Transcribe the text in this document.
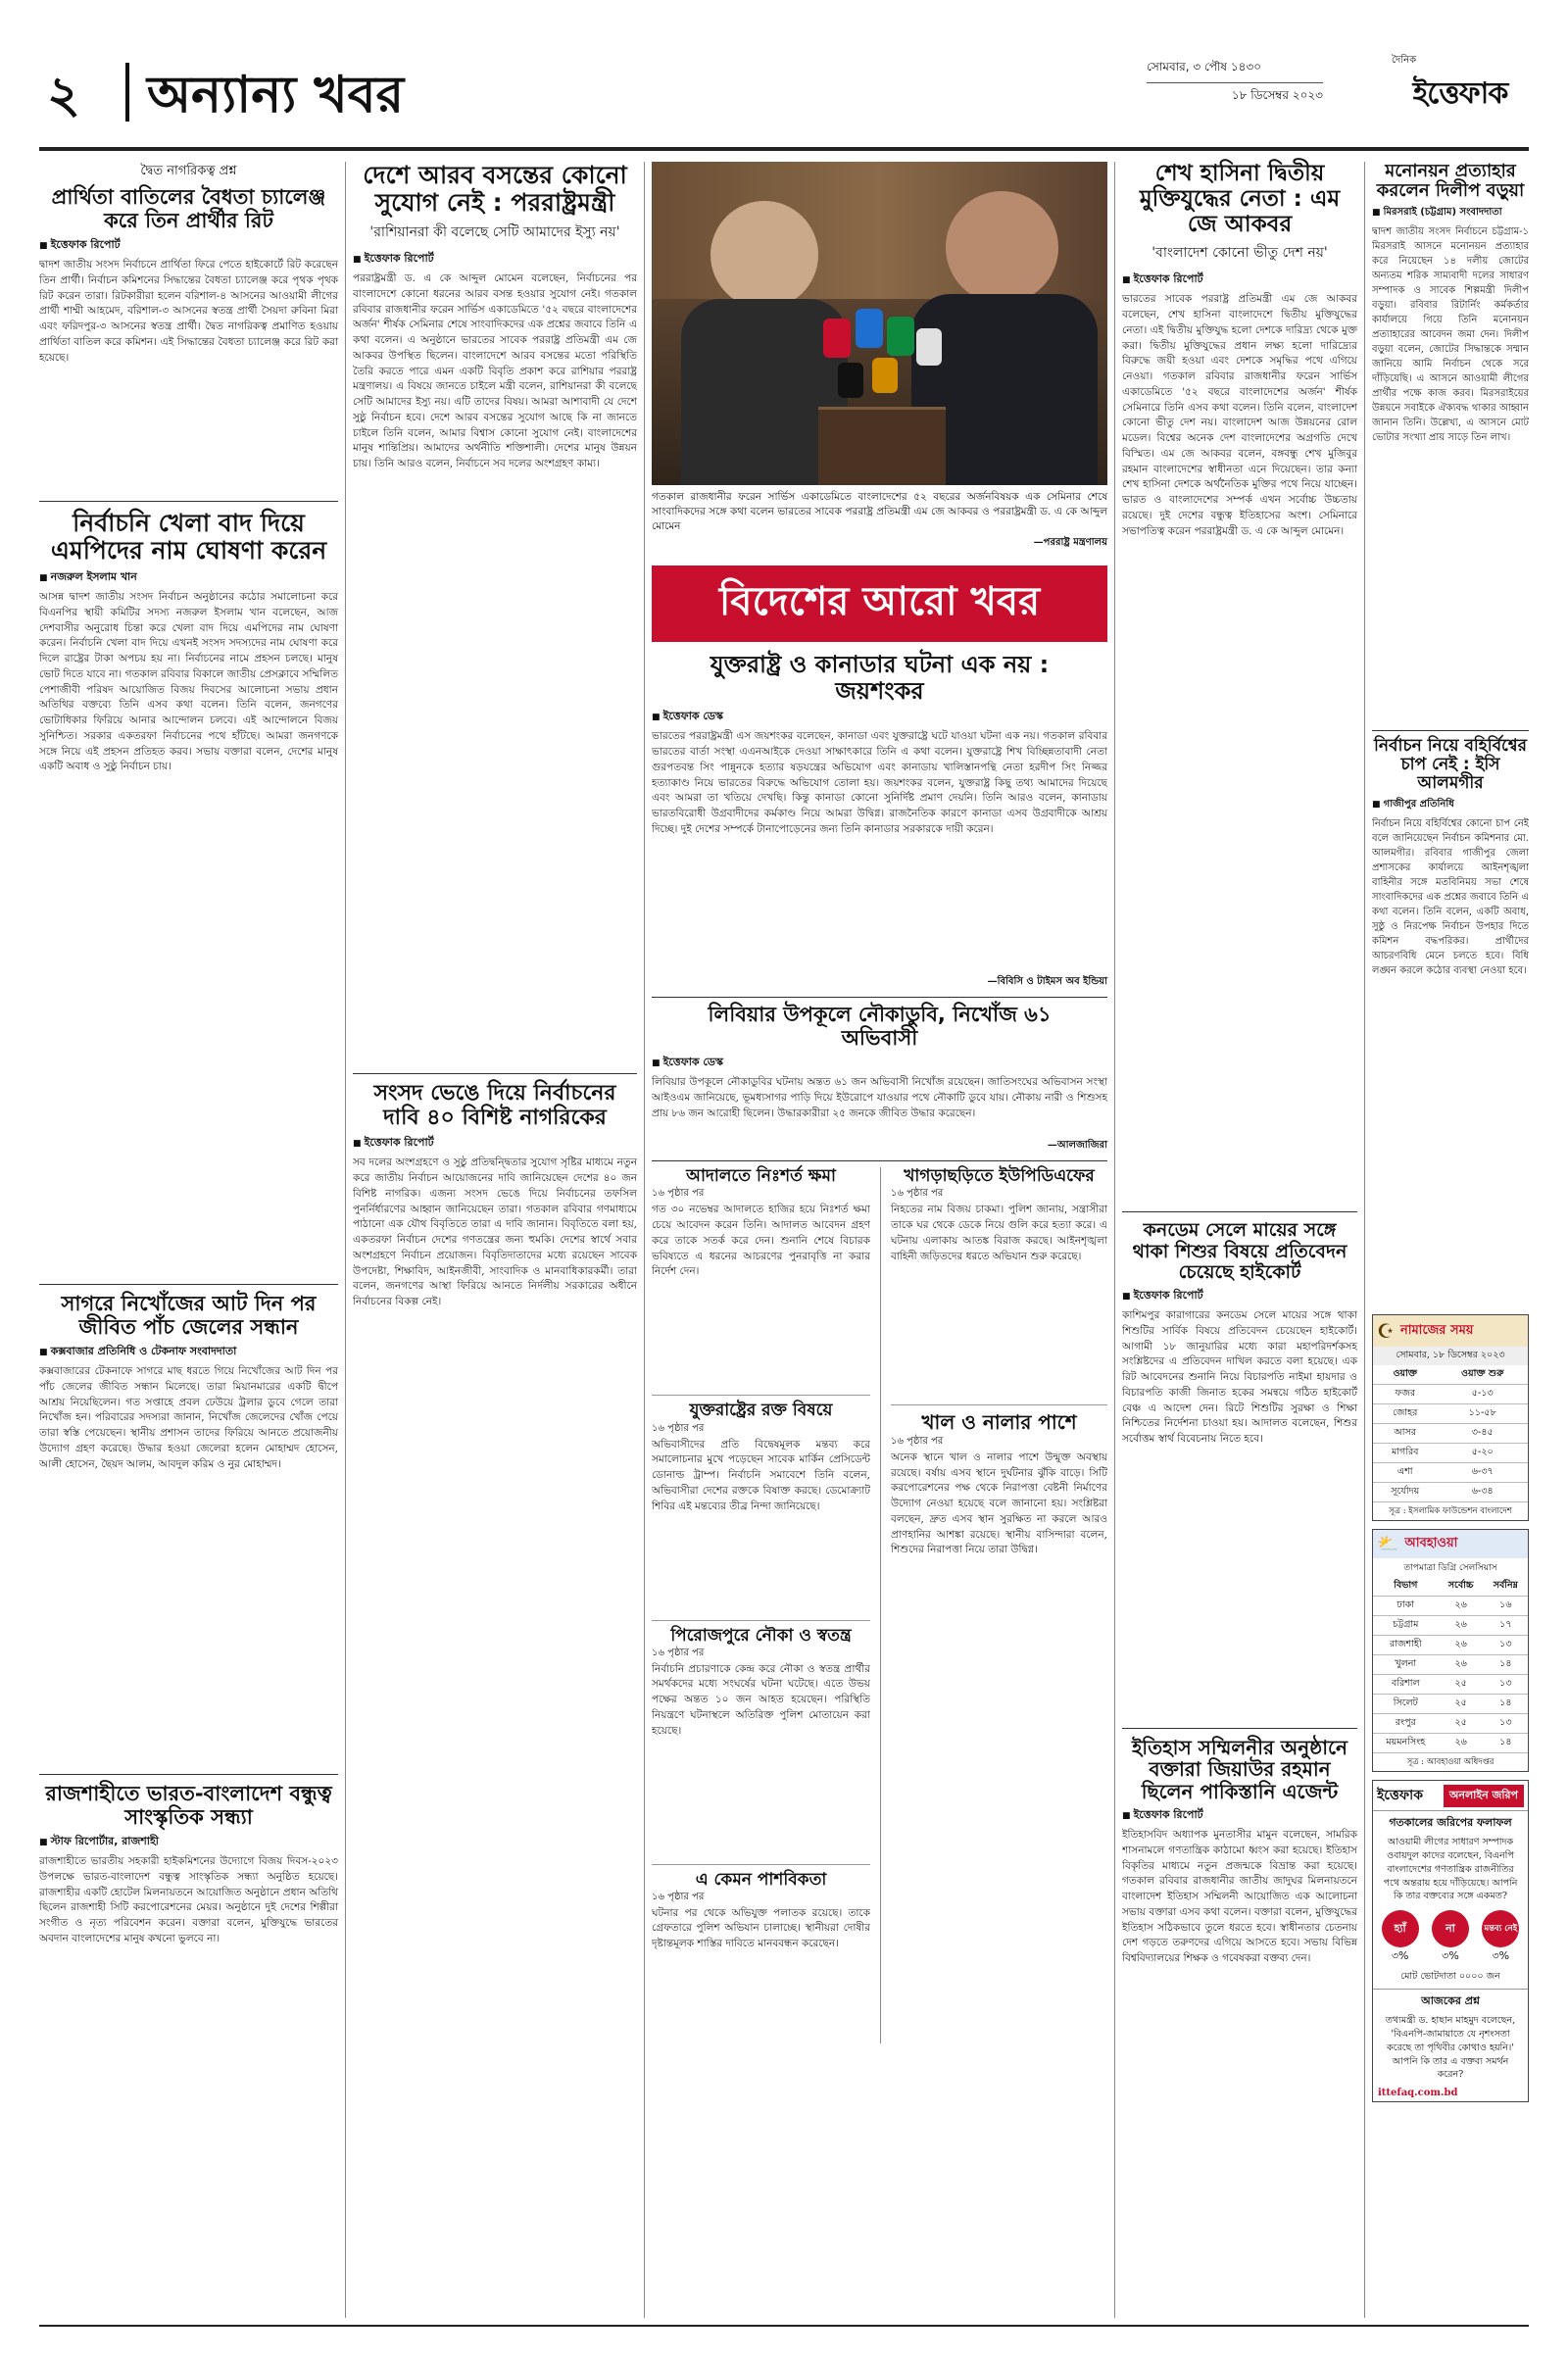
২ অন্যান্য খবর	সোমবার, ৩ পৌষ ১৪৩০
১৮ ডিসেম্বর ২০২৩
দৈনিক
ইত্তেফাক
দ্বৈত নাগরিকত্ব প্রশ্ন
প্রার্থিতা বাতিলের বৈধতা চ্যালেঞ্জ করে তিন প্রার্থীর রিট
■ ইত্তেফাক রিপোর্ট
দ্বাদশ জাতীয় সংসদ নির্বাচনে প্রার্থিতা ফিরে পেতে হাইকোর্টে রিট করেছেন তিন প্রার্থী। নির্বাচন কমিশনের সিদ্ধান্তের বৈধতা চ্যালেঞ্জ করে পৃথক পৃথক রিট করেন তারা। রিটকারীরা হলেন বরিশাল-৪ আসনের আওয়ামী লীগের প্রার্থী শাম্মী আহমেদ, বরিশাল-৩ আসনের স্বতন্ত্র প্রার্থী সৈয়দা রুবিনা মিরা এবং ফরিদপুর-৩ আসনের স্বতন্ত্র প্রার্থী। দ্বৈত নাগরিকত্ব প্রমাণিত হওয়ায় প্রার্থিতা বাতিল করে কমিশন। এই সিদ্ধান্তের বৈধতা চ্যালেঞ্জ করে রিট করা হয়েছে।
নির্বাচনি খেলা বাদ দিয়ে এমপিদের নাম ঘোষণা করেন
■ নজরুল ইসলাম খান
আসন্ন দ্বাদশ জাতীয় সংসদ নির্বাচন অনুষ্ঠানের কঠোর সমালোচনা করে বিএনপির স্থায়ী কমিটির সদস্য নজরুল ইসলাম খান বলেছেন, আজ দেশবাসীর অনুরোধ চিন্তা করে খেলা বাদ দিয়ে এমপিদের নাম ঘোষণা করেন। নির্বাচনি খেলা বাদ দিয়ে এখনই সংসদ সদস্যদের নাম ঘোষণা করে দিলে রাষ্ট্রের টাকা অপচয় হয় না। নির্বাচনের নামে প্রহসন চলছে। মানুষ ভোট দিতে যাবে না। গতকাল রবিবার বিকালে জাতীয় প্রেসক্লাবে সম্মিলিত পেশাজীবী পরিষদ আয়োজিত বিজয় দিবসের আলোচনা সভায় প্রধান অতিথির বক্তব্যে তিনি এসব কথা বলেন। তিনি বলেন, জনগণের ভোটাধিকার ফিরিয়ে আনার আন্দোলন চলবে। এই আন্দোলনে বিজয় সুনিশ্চিত। সরকার একতরফা নির্বাচনের পথে হাঁটছে। আমরা জনগণকে সঙ্গে নিয়ে এই প্রহসন প্রতিহত করব। সভায় বক্তারা বলেন, দেশের মানুষ একটি অবাধ ও সুষ্ঠু নির্বাচন চায়।
সাগরে নিখোঁজের আট দিন পর জীবিত পাঁচ জেলের সন্ধান
■ কক্সবাজার প্রতিনিধি ও টেকনাফ সংবাদদাতা
কক্সবাজারের টেকনাফে সাগরে মাছ ধরতে গিয়ে নিখোঁজের আট দিন পর পাঁচ জেলের জীবিত সন্ধান মিলেছে। তারা মিয়ানমারের একটি দ্বীপে আশ্রয় নিয়েছিলেন। গত সপ্তাহে প্রবল ঢেউয়ে ট্রলার ডুবে গেলে তারা নিখোঁজ হন। পরিবারের সদস্যরা জানান, নিখোঁজ জেলেদের খোঁজ পেয়ে তারা স্বস্তি পেয়েছেন। স্থানীয় প্রশাসন তাদের ফিরিয়ে আনতে প্রয়োজনীয় উদ্যোগ গ্রহণ করেছে। উদ্ধার হওয়া জেলেরা হলেন মোহাম্মদ হোসেন, আলী হোসেন, ছৈয়দ আলম, আবদুল করিম ও নুর মোহাম্মদ।
রাজশাহীতে ভারত-বাংলাদেশ বন্ধুত্ব সাংস্কৃতিক সন্ধ্যা
■ স্টাফ রিপোর্টার, রাজশাহী
রাজশাহীতে ভারতীয় সহকারী হাইকমিশনের উদ্যোগে বিজয় দিবস-২০২৩ উপলক্ষে ভারত-বাংলাদেশ বন্ধুত্ব সাংস্কৃতিক সন্ধ্যা অনুষ্ঠিত হয়েছে। রাজশাহীর একটি হোটেল মিলনায়তনে আয়োজিত অনুষ্ঠানে প্রধান অতিথি ছিলেন রাজশাহী সিটি করপোরেশনের মেয়র। অনুষ্ঠানে দুই দেশের শিল্পীরা সংগীত ও নৃত্য পরিবেশন করেন। বক্তারা বলেন, মুক্তিযুদ্ধে ভারতের অবদান বাংলাদেশের মানুষ কখনো ভুলবে না।
দেশে আরব বসন্তের কোনো সুযোগ নেই : পররাষ্ট্রমন্ত্রী
'রাশিয়ানরা কী বলেছে সেটি আমাদের ইস্যু নয়'
■ ইত্তেফাক রিপোর্ট
পররাষ্ট্রমন্ত্রী ড. এ কে আব্দুল মোমেন বলেছেন, নির্বাচনের পর বাংলাদেশে কোনো ধরনের আরব বসন্ত হওয়ার সুযোগ নেই। গতকাল রবিবার রাজধানীর ফরেন সার্ভিস একাডেমিতে '৫২ বছরে বাংলাদেশের অর্জন' শীর্ষক সেমিনার শেষে সাংবাদিকদের এক প্রশ্নের জবাবে তিনি এ কথা বলেন। এ অনুষ্ঠানে ভারতের সাবেক পররাষ্ট্র প্রতিমন্ত্রী এম জে আকবর উপস্থিত ছিলেন। বাংলাদেশে আরব বসন্তের মতো পরিস্থিতি তৈরি করতে পারে এমন একটি বিবৃতি প্রকাশ করে রাশিয়ার পররাষ্ট্র মন্ত্রণালয়। এ বিষয়ে জানতে চাইলে মন্ত্রী বলেন, রাশিয়ানরা কী বলেছে সেটি আমাদের ইস্যু নয়। এটি তাদের বিষয়। আমরা আশাবাদী যে দেশে সুষ্ঠু নির্বাচন হবে। দেশে আরব বসন্তের সুযোগ আছে কি না জানতে চাইলে তিনি বলেন, আমার বিশ্বাস কোনো সুযোগ নেই। বাংলাদেশের মানুষ শান্তিপ্রিয়। আমাদের অর্থনীতি শক্তিশালী। দেশের মানুষ উন্নয়ন চায়। তিনি আরও বলেন, নির্বাচনে সব দলের অংশগ্রহণ কাম্য।
সংসদ ভেঙে দিয়ে নির্বাচনের দাবি ৪০ বিশিষ্ট নাগরিকের
■ ইত্তেফাক রিপোর্ট
সব দলের অংশগ্রহণে ও সুষ্ঠু প্রতিদ্বন্দ্বিতার সুযোগ সৃষ্টির মাধ্যমে নতুন করে জাতীয় নির্বাচন আয়োজনের দাবি জানিয়েছেন দেশের ৪০ জন বিশিষ্ট নাগরিক। এজন্য সংসদ ভেঙে দিয়ে নির্বাচনের তফসিল পুনর্নির্ধারণের আহ্বান জানিয়েছেন তারা। গতকাল রবিবার গণমাধ্যমে পাঠানো এক যৌথ বিবৃতিতে তারা এ দাবি জানান। বিবৃতিতে বলা হয়, একতরফা নির্বাচন দেশের গণতন্ত্রের জন্য হুমকি। দেশের স্বার্থে সবার অংশগ্রহণে নির্বাচন প্রয়োজন। বিবৃতিদাতাদের মধ্যে রয়েছেন সাবেক উপদেষ্টা, শিক্ষাবিদ, আইনজীবী, সাংবাদিক ও মানবাধিকারকর্মী। তারা বলেন, জনগণের আস্থা ফিরিয়ে আনতে নির্দলীয় সরকারের অধীনে নির্বাচনের বিকল্প নেই।
গতকাল রাজধানীর ফরেন সার্ভিস একাডেমিতে বাংলাদেশের ৫২ বছরের অর্জনবিষয়ক এক সেমিনার শেষে সাংবাদিকদের সঙ্গে কথা বলেন ভারতের সাবেক পররাষ্ট্র প্রতিমন্ত্রী এম জে আকবর ও পররাষ্ট্রমন্ত্রী ড. এ কে আব্দুল মোমেন
—পররাষ্ট্র মন্ত্রণালয়
বিদেশের আরো খবর
যুক্তরাষ্ট্র ও কানাডার ঘটনা এক নয় : জয়শংকর
■ ইত্তেফাক ডেস্ক
ভারতের পররাষ্ট্রমন্ত্রী এস জয়শংকর বলেছেন, কানাডা এবং যুক্তরাষ্ট্রে ঘটে যাওয়া ঘটনা এক নয়। গতকাল রবিবার ভারতের বার্তা সংস্থা এএনআইকে দেওয়া সাক্ষাৎকারে তিনি এ কথা বলেন। যুক্তরাষ্ট্রে শিখ বিচ্ছিন্নতাবাদী নেতা গুরপতবন্ত সিং পান্নুনকে হত্যার ষড়যন্ত্রের অভিযোগ এবং কানাডায় খালিস্তানপন্থি নেতা হরদীপ সিং নিজ্জর হত্যাকাণ্ড নিয়ে ভারতের বিরুদ্ধে অভিযোগ তোলা হয়। জয়শংকর বলেন, যুক্তরাষ্ট্র কিছু তথ্য আমাদের দিয়েছে এবং আমরা তা খতিয়ে দেখছি। কিন্তু কানাডা কোনো সুনির্দিষ্ট প্রমাণ দেয়নি। তিনি আরও বলেন, কানাডায় ভারতবিরোধী উগ্রবাদীদের কর্মকাণ্ড নিয়ে আমরা উদ্বিগ্ন। রাজনৈতিক কারণে কানাডা এসব উগ্রবাদীকে আশ্রয় দিচ্ছে। দুই দেশের সম্পর্কে টানাপোড়েনের জন্য তিনি কানাডার সরকারকে দায়ী করেন।
—বিবিসি ও টাইমস অব ইন্ডিয়া
লিবিয়ার উপকূলে নৌকাডুবি, নিখোঁজ ৬১ অভিবাসী
■ ইত্তেফাক ডেস্ক
লিবিয়ার উপকূলে নৌকাডুবির ঘটনায় অন্তত ৬১ জন অভিবাসী নিখোঁজ রয়েছেন। জাতিসংঘের অভিবাসন সংস্থা আইওএম জানিয়েছে, ভূমধ্যসাগর পাড়ি দিয়ে ইউরোপে যাওয়ার পথে নৌকাটি ডুবে যায়। নৌকায় নারী ও শিশুসহ প্রায় ৮৬ জন আরোহী ছিলেন। উদ্ধারকারীরা ২৫ জনকে জীবিত উদ্ধার করেছেন।
—আলজাজিরা
আদালতে নিঃশর্ত ক্ষমা
১৬ পৃষ্ঠার পর
গত ৩০ নভেম্বর আদালতে হাজির হয়ে নিঃশর্ত ক্ষমা চেয়ে আবেদন করেন তিনি। আদালত আবেদন গ্রহণ করে তাকে সতর্ক করে দেন। শুনানি শেষে বিচারক ভবিষ্যতে এ ধরনের আচরণের পুনরাবৃত্তি না করার নির্দেশ দেন।
যুক্তরাষ্ট্রের রক্ত বিষয়ে
১৬ পৃষ্ঠার পর
অভিবাসীদের প্রতি বিদ্বেষমূলক মন্তব্য করে সমালোচনার মুখে পড়েছেন সাবেক মার্কিন প্রেসিডেন্ট ডোনাল্ড ট্রাম্প। নির্বাচনি সমাবেশে তিনি বলেন, অভিবাসীরা দেশের রক্তকে বিষাক্ত করছে। ডেমোক্র্যাট শিবির এই মন্তব্যের তীব্র নিন্দা জানিয়েছে।
পিরোজপুরে নৌকা ও স্বতন্ত্র
১৬ পৃষ্ঠার পর
নির্বাচনি প্রচারণাকে কেন্দ্র করে নৌকা ও স্বতন্ত্র প্রার্থীর সমর্থকদের মধ্যে সংঘর্ষের ঘটনা ঘটেছে। এতে উভয় পক্ষের অন্তত ১০ জন আহত হয়েছেন। পরিস্থিতি নিয়ন্ত্রণে ঘটনাস্থলে অতিরিক্ত পুলিশ মোতায়েন করা হয়েছে।
এ কেমন পাশবিকতা
১৬ পৃষ্ঠার পর
ঘটনার পর থেকে অভিযুক্ত পলাতক রয়েছে। তাকে গ্রেফতারে পুলিশ অভিযান চালাচ্ছে। স্থানীয়রা দোষীর দৃষ্টান্তমূলক শাস্তির দাবিতে মানববন্ধন করেছেন।
খাগড়াছড়িতে ইউপিডিএফের
১৬ পৃষ্ঠার পর
নিহতের নাম বিজয় চাকমা। পুলিশ জানায়, সন্ত্রাসীরা তাকে ঘর থেকে ডেকে নিয়ে গুলি করে হত্যা করে। এ ঘটনায় এলাকায় আতঙ্ক বিরাজ করছে। আইনশৃঙ্খলা বাহিনী জড়িতদের ধরতে অভিযান শুরু করেছে।
খাল ও নালার পাশে
১৬ পৃষ্ঠার পর
অনেক স্থানে খাল ও নালার পাশে উন্মুক্ত অবস্থায় রয়েছে। বর্ষায় এসব স্থানে দুর্ঘটনার ঝুঁকি বাড়ে। সিটি করপোরেশনের পক্ষ থেকে নিরাপত্তা বেষ্টনী নির্মাণের উদ্যোগ নেওয়া হয়েছে বলে জানানো হয়। সংশ্লিষ্টরা বলছেন, দ্রুত এসব স্থান সুরক্ষিত না করলে আরও প্রাণহানির আশঙ্কা রয়েছে। স্থানীয় বাসিন্দারা বলেন, শিশুদের নিরাপত্তা নিয়ে তারা উদ্বিগ্ন।
শেখ হাসিনা দ্বিতীয় মুক্তিযুদ্ধের নেতা : এম জে আকবর
'বাংলাদেশ কোনো ভীতু দেশ নয়'
■ ইত্তেফাক রিপোর্ট
ভারতের সাবেক পররাষ্ট্র প্রতিমন্ত্রী এম জে আকবর বলেছেন, শেখ হাসিনা বাংলাদেশে দ্বিতীয় মুক্তিযুদ্ধের নেতা। এই দ্বিতীয় মুক্তিযুদ্ধ হলো দেশকে দারিদ্র্য থেকে মুক্ত করা। দ্বিতীয় মুক্তিযুদ্ধের প্রধান লক্ষ্য হলো দারিদ্র্যের বিরুদ্ধে জয়ী হওয়া এবং দেশকে সমৃদ্ধির পথে এগিয়ে নেওয়া। গতকাল রবিবার রাজধানীর ফরেন সার্ভিস একাডেমিতে '৫২ বছরে বাংলাদেশের অর্জন' শীর্ষক সেমিনারে তিনি এসব কথা বলেন। তিনি বলেন, বাংলাদেশ কোনো ভীতু দেশ নয়। বাংলাদেশ আজ উন্নয়নের রোল মডেল। বিশ্বের অনেক দেশ বাংলাদেশের অগ্রগতি দেখে বিস্মিত। এম জে আকবর বলেন, বঙ্গবন্ধু শেখ মুজিবুর রহমান বাংলাদেশের স্বাধীনতা এনে দিয়েছেন। তার কন্যা শেখ হাসিনা দেশকে অর্থনৈতিক মুক্তির পথে নিয়ে যাচ্ছেন। ভারত ও বাংলাদেশের সম্পর্ক এখন সর্বোচ্চ উচ্চতায় রয়েছে। দুই দেশের বন্ধুত্ব ইতিহাসের অংশ। সেমিনারে সভাপতিত্ব করেন পররাষ্ট্রমন্ত্রী ড. এ কে আব্দুল মোমেন।
কনডেম সেলে মায়ের সঙ্গে থাকা শিশুর বিষয়ে প্রতিবেদন চেয়েছে হাইকোর্ট
■ ইত্তেফাক রিপোর্ট
কাশিমপুর কারাগারের কনডেম সেলে মায়ের সঙ্গে থাকা শিশুটির সার্বিক বিষয়ে প্রতিবেদন চেয়েছেন হাইকোর্ট। আগামী ১৮ জানুয়ারির মধ্যে কারা মহাপরিদর্শকসহ সংশ্লিষ্টদের এ প্রতিবেদন দাখিল করতে বলা হয়েছে। এক রিট আবেদনের শুনানি নিয়ে বিচারপতি নাইমা হায়দার ও বিচারপতি কাজী জিনাত হকের সমন্বয়ে গঠিত হাইকোর্ট বেঞ্চ এ আদেশ দেন। রিটে শিশুটির সুরক্ষা ও শিক্ষা নিশ্চিতের নির্দেশনা চাওয়া হয়। আদালত বলেছেন, শিশুর সর্বোত্তম স্বার্থ বিবেচনায় নিতে হবে।
ইতিহাস সম্মিলনীর অনুষ্ঠানে বক্তারা জিয়াউর রহমান ছিলেন পাকিস্তানি এজেন্ট
■ ইত্তেফাক রিপোর্ট
ইতিহাসবিদ অধ্যাপক মুনতাসীর মামুন বলেছেন, সামরিক শাসনামলে গণতান্ত্রিক কাঠামো ধ্বংস করা হয়েছে। ইতিহাস বিকৃতির মাধ্যমে নতুন প্রজন্মকে বিভ্রান্ত করা হয়েছে। গতকাল রবিবার রাজধানীর জাতীয় জাদুঘর মিলনায়তনে বাংলাদেশ ইতিহাস সম্মিলনী আয়োজিত এক আলোচনা সভায় বক্তারা এসব কথা বলেন। বক্তারা বলেন, মুক্তিযুদ্ধের ইতিহাস সঠিকভাবে তুলে ধরতে হবে। স্বাধীনতার চেতনায় দেশ গড়তে তরুণদের এগিয়ে আসতে হবে। সভায় বিভিন্ন বিশ্ববিদ্যালয়ের শিক্ষক ও গবেষকরা বক্তব্য দেন।
মনোনয়ন প্রত্যাহার করলেন দিলীপ বড়ুয়া
■ মিরসরাই (চট্টগ্রাম) সংবাদদাতা
দ্বাদশ জাতীয় সংসদ নির্বাচনে চট্টগ্রাম-১ মিরসরাই আসনে মনোনয়ন প্রত্যাহার করে নিয়েছেন ১৪ দলীয় জোটের অন্যতম শরিক সাম্যবাদী দলের সাধারণ সম্পাদক ও সাবেক শিল্পমন্ত্রী দিলীপ বড়ুয়া। রবিবার রিটার্নিং কর্মকর্তার কার্যালয়ে গিয়ে তিনি মনোনয়ন প্রত্যাহারের আবেদন জমা দেন। দিলীপ বড়ুয়া বলেন, জোটের সিদ্ধান্তকে সম্মান জানিয়ে আমি নির্বাচন থেকে সরে দাঁড়িয়েছি। এ আসনে আওয়ামী লীগের প্রার্থীর পক্ষে কাজ করব। মিরসরাইয়ের উন্নয়নে সবাইকে ঐক্যবদ্ধ থাকার আহ্বান জানান তিনি। উল্লেখ্য, এ আসনে মোট ভোটার সংখ্যা প্রায় সাড়ে তিন লাখ।
নির্বাচন নিয়ে বহির্বিশ্বের চাপ নেই : ইসি আলমগীর
■ গাজীপুর প্রতিনিধি
নির্বাচন নিয়ে বহির্বিশ্বের কোনো চাপ নেই বলে জানিয়েছেন নির্বাচন কমিশনার মো. আলমগীর। রবিবার গাজীপুর জেলা প্রশাসকের কার্যালয়ে আইনশৃঙ্খলা বাহিনীর সঙ্গে মতবিনিময় সভা শেষে সাংবাদিকদের এক প্রশ্নের জবাবে তিনি এ কথা বলেন। তিনি বলেন, একটি অবাধ, সুষ্ঠু ও নিরপেক্ষ নির্বাচন উপহার দিতে কমিশন বদ্ধপরিকর। প্রার্থীদের আচরণবিধি মেনে চলতে হবে। বিধি লঙ্ঘন করলে কঠোর ব্যবস্থা নেওয়া হবে।
☪ নামাজের সময়
সোমবার, ১৮ ডিসেম্বর ২০২৩
ওয়াক্ত	ওয়াক্ত শুরু
ফজর	৫-১৩
জোহর	১১-৫৮
আসর	৩-৪৫
মাগরিব	৫-২০
এশা	৬-৩৭
সূর্যোদয়	৬-৩৪
সূত্র : ইসলামিক ফাউন্ডেশন বাংলাদেশ
⛅ আবহাওয়া
তাপমাত্রা ডিগ্রি সেলসিয়াস
বিভাগ	সর্বোচ্চ	সর্বনিম্ন
ঢাকা	২৬	১৬
চট্টগ্রাম	২৬	১৭
রাজশাহী	২৬	১৩
খুলনা	২৬	১৪
বরিশাল	২৫	১৩
সিলেট	২৫	১৪
রংপুর	২৫	১৩
ময়মনসিংহ	২৬	১৪
সূত্র : আবহাওয়া অধিদপ্তর
ইত্তেফাক	অনলাইন জরিপ
গতকালের জরিপের ফলাফল
আওয়ামী লীগের সাধারণ সম্পাদক ওবায়দুল কাদের বলেছেন, বিএনপি বাংলাদেশের গণতান্ত্রিক রাজনীতির পথে অন্তরায় হয়ে দাঁড়িয়েছে। আপনি কি তার বক্তব্যের সঙ্গে একমত?
হ্যাঁ
৩%
না
৩%
মন্তব্য নেই
৩%
মোট ভোটদাতা ০০০০ জন
আজকের প্রশ্ন
তথ্যমন্ত্রী ড. হাছান মাহমুদ বলেছেন, 'বিএনপি-জামায়াতে যে নৃশংসতা করেছে তা পৃথিবীর কোথাও হয়নি।' আপনি কি তার এ বক্তব্য সমর্থন করেন?
ittefaq.com.bd
